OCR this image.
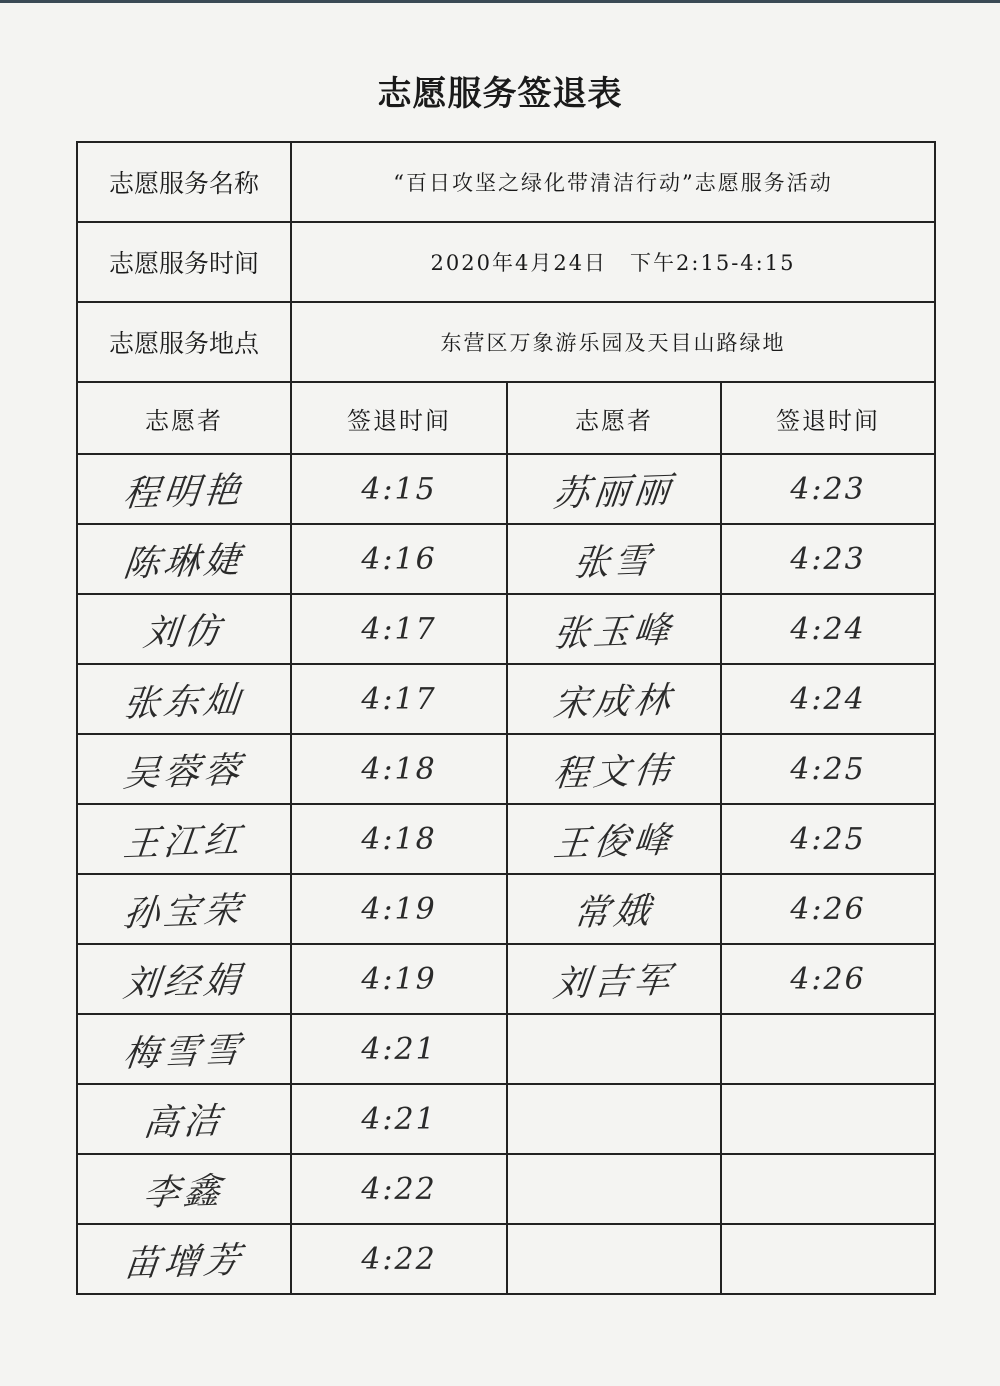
志愿服务签退表
志愿服务名称	“百日攻坚之绿化带清洁行动”志愿服务活动		
志愿服务时间	2020年4月24日　下午2:15-4:15		
志愿服务地点	东营区万象游乐园及天目山路绿地		
志愿者	签退时间	志愿者	签退时间
程明艳	4:15	苏丽丽	4:23
陈琳婕	4:16	张雪	4:23
刘仿	4:17	张玉峰	4:24
张东灿	4:17	宋成林	4:24
吴蓉蓉	4:18	程文伟	4:25
王江红	4:18	王俊峰	4:25
孙宝荣	4:19	常娥	4:26
刘经娟	4:19	刘吉军	4:26
梅雪雪	4:21		
高洁	4:21		
李鑫	4:22		
苗增芳	4:22		
